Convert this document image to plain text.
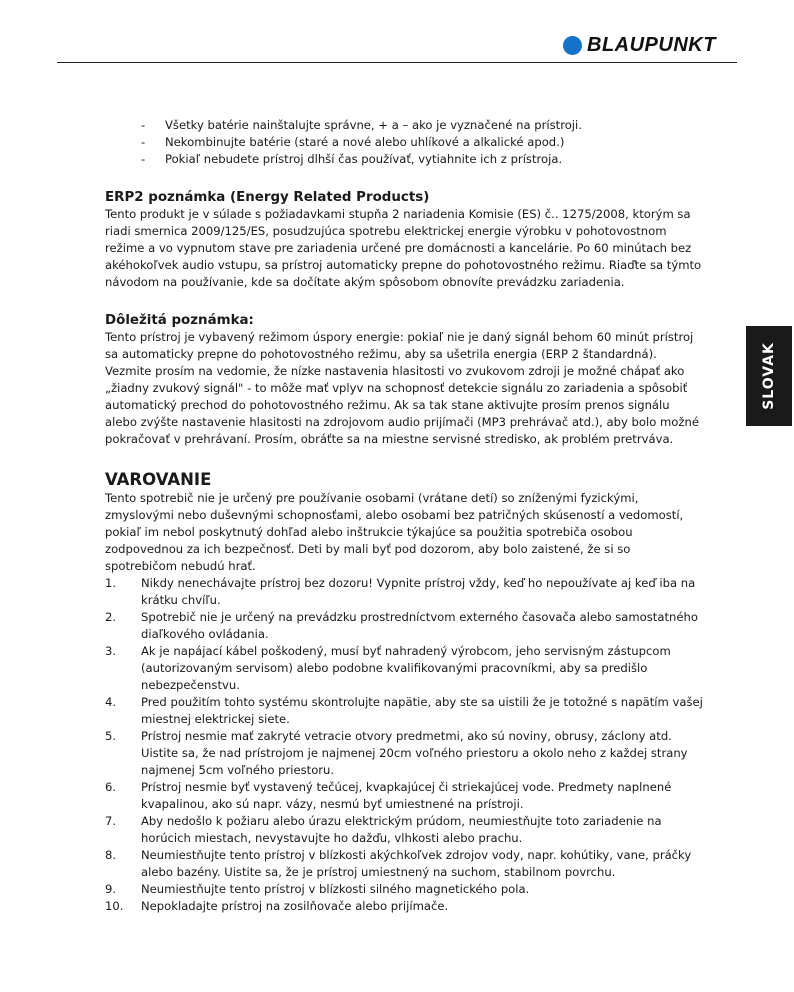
BLAUPUNKT
SLOVAK
- Všetky batérie nainštalujte správne, + a – ako je vyznačené na prístroji.
- Nekombinujte batérie (staré a nové alebo uhlíkové a alkalické apod.)
- Pokiaľ nebudete prístroj dlhší čas používať, vytiahnite ich z prístroja.
ERP2 poznámka (Energy Related Products)

Tento produkt je v súlade s požiadavkami stupňa 2 nariadenia Komisie (ES) č.. 1275/2008, ktorým sa riadi smernica 2009/125/ES, posudzujúca spotrebu elektrickej energie výrobku v pohotovostnom režime a vo vypnutom stave pre zariadenia určené pre domácnosti a kancelárie. Po 60 minútach bez akéhokoľvek audio vstupu, sa prístroj automaticky prepne do pohotovostného režimu. Riaďte sa týmto návodom na používanie, kde sa dočítate akým spôsobom obnovíte prevádzku zariadenia.

Dôležitá poznámka:

Tento prístroj je vybavený režimom úspory energie: pokiaľ nie je daný signál behom 60 minút prístroj sa automaticky prepne do pohotovostného režimu, aby sa ušetrila energia (ERP 2 štandardná). Vezmite prosím na vedomie, že nízke nastavenia hlasitosti vo zvukovom zdroji je možné chápať ako „žiadny zvukový signál" - to môže mať vplyv na schopnosť detekcie signálu zo zariadenia a spôsobiť automatický prechod do pohotovostného režimu. Ak sa tak stane aktivujte prosím prenos signálu alebo zvýšte nastavenie hlasitosti na zdrojovom audio prijímači (MP3 prehrávač atd.), aby bolo možné pokračovať v prehrávaní. Prosím, obráťte sa na miestne servisné stredisko, ak problém pretrváva.

VAROVANIE

Tento spotrebič nie je určený pre používanie osobami (vrátane detí) so zníženými fyzickými, zmyslovými nebo duševnými schopnosťami, alebo osobami bez patričných skúseností a vedomostí, pokiaľ im nebol poskytnutý dohľad alebo inštrukcie týkajúce sa použitia spotrebiča osobou zodpovednou za ich bezpečnosť. Deti by mali byť pod dozorom, aby bolo zaistené, že si so spotrebičom nebudú hrať.

1. Nikdy nenechávajte prístroj bez dozoru! Vypnite prístroj vždy, keď ho nepoužívate aj keď iba na krátku chvíľu.
2. Spotrebič nie je určený na prevádzku prostredníctvom externého časovača alebo samostatného diaľkového ovládania.
3. Ak je napájací kábel poškodený, musí byť nahradený výrobcom, jeho servisným zástupcom (autorizovaným servisom) alebo podobne kvalifikovanými pracovníkmi, aby sa predišlo nebezpečenstvu.
4. Pred použitím tohto systému skontrolujte napätie, aby ste sa uistili že je totožné s napätím vašej miestnej elektrickej siete.
5. Prístroj nesmie mať zakryté vetracie otvory predmetmi, ako sú noviny, obrusy, záclony atd. Uistite sa, že nad prístrojom je najmenej 20cm voľného priestoru a okolo neho z každej strany najmenej 5cm voľného priestoru.
6. Prístroj nesmie byť vystavený tečúcej, kvapkajúcej či striekajúcej vode. Predmety naplnené kvapalinou, ako sú napr. vázy, nesmú byť umiestnené na prístroji.
7. Aby nedošlo k požiaru alebo úrazu elektrickým prúdom, neumiestňujte toto zariadenie na horúcich miestach, nevystavujte ho dažďu, vlhkosti alebo prachu.
8. Neumiestňujte tento prístroj v blízkosti akýchkoľvek zdrojov vody, napr. kohútiky, vane, práčky alebo bazény. Uistite sa, že je prístroj umiestnený na suchom, stabilnom povrchu.
9. Neumiestňujte tento prístroj v blízkosti silného magnetického pola.
10. Nepokladajte prístroj na zosilňovače alebo prijímače.
